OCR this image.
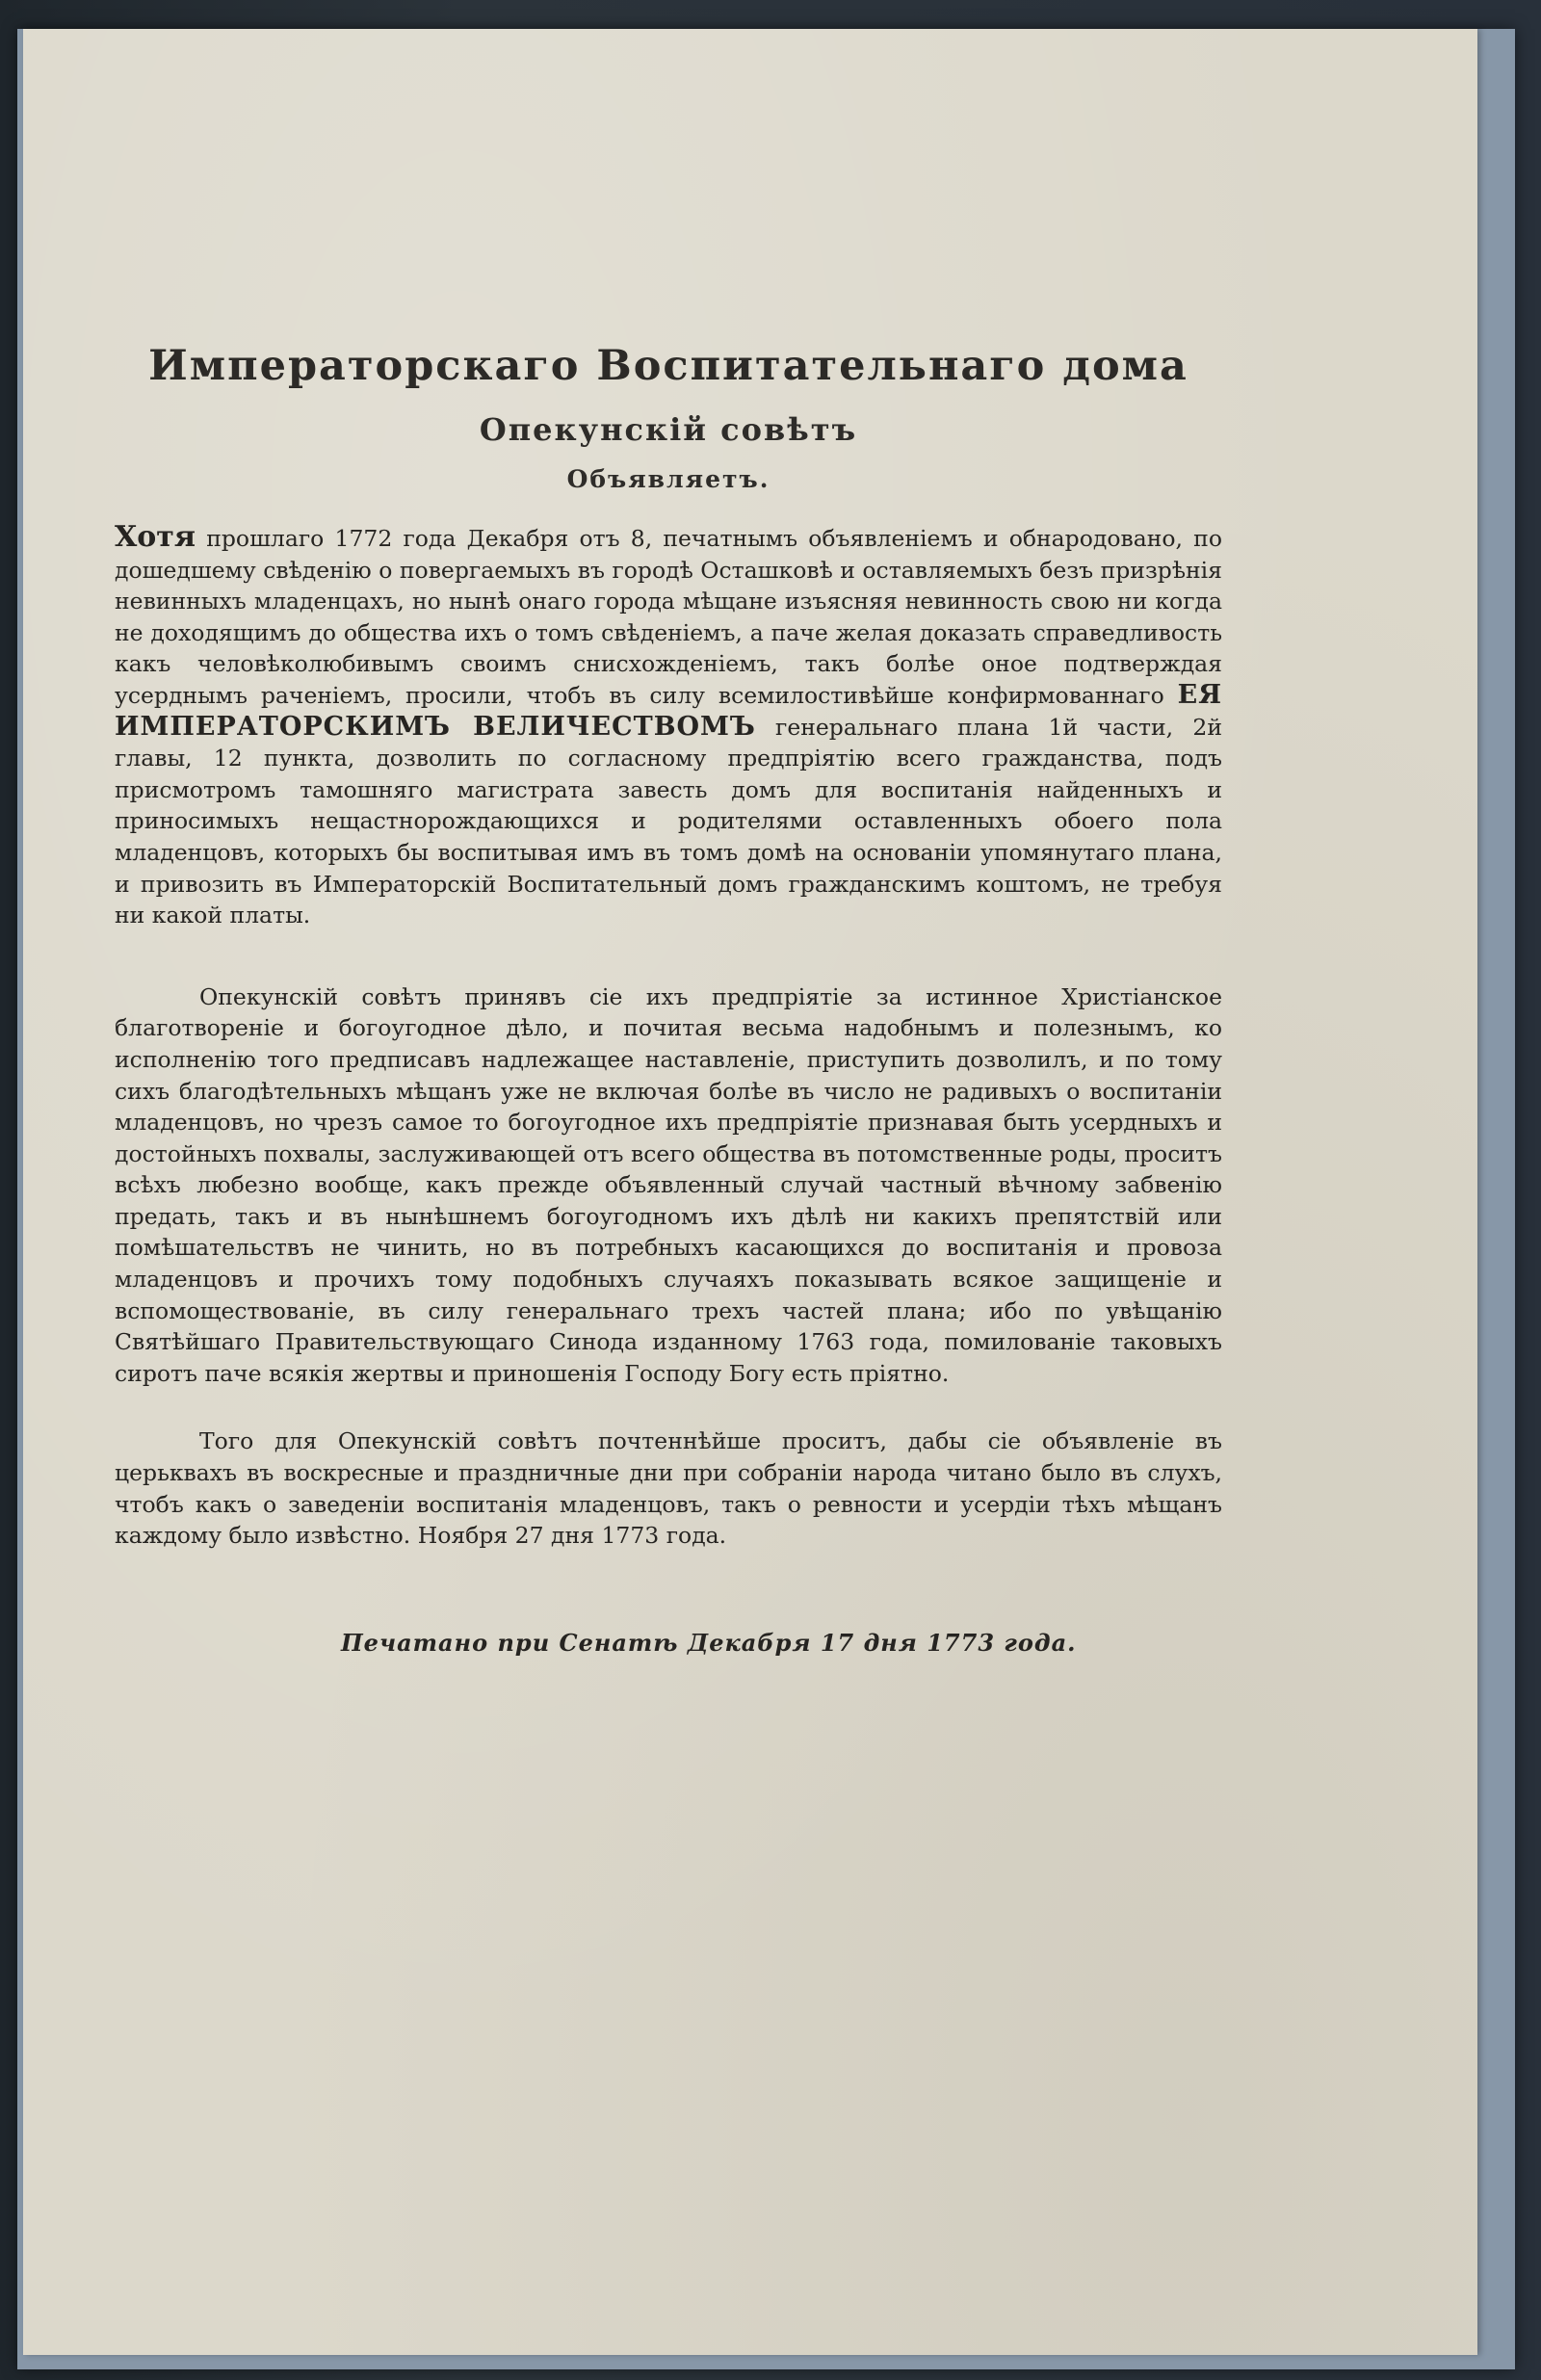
Императорскаго Воспитательнаго дома
Опекунскій совѣтъ
Объявляетъ.

Хотя прошлаго 1772 года Декабря отъ 8, печатнымъ объявленіемъ и обнародовано, по дошедшему свѣденію о повергаемыхъ въ городѣ Осташковѣ и оставляемыхъ безъ призрѣнія невинныхъ младенцахъ, но нынѣ онаго города мѣщане изъясняя невинность свою ни когда не доходящимъ до общества ихъ о томъ свѣденіемъ, а паче желая доказать справедливость какъ человѣколюбивымъ своимъ снисхожденіемъ, такъ болѣе оное подтверждая усерднымъ раченіемъ, просили, чтобъ въ силу всемилостивѣйше конфирмованнаго ЕЯ ИМПЕРАТОРСКИМЪ ВЕЛИЧЕСТВОМЪ генеральнаго плана 1й части, 2й главы, 12 пункта, дозволить по согласному предпріятію всего гражданства, подъ присмотромъ тамошняго магистрата завесть домъ для воспитанія найденныхъ и приносимыхъ нещастнорождающихся и родителями оставленныхъ обоего пола младенцовъ, которыхъ бы воспитывая имъ въ томъ домѣ на основаніи упомянутаго плана, и привозить въ Императорскій Воспитательный домъ гражданскимъ коштомъ, не требуя ни какой платы.

Опекунскій совѣтъ принявъ сіе ихъ предпріятіе за истинное Христіанское благотвореніе и богоугодное дѣло, и почитая весьма надобнымъ и полезнымъ, ко исполненію того предписавъ надлежащее наставленіе, приступить дозволилъ, и по тому сихъ благодѣтельныхъ мѣщанъ уже не включая болѣе въ число не радивыхъ о воспитаніи младенцовъ, но чрезъ самое то богоугодное ихъ предпріятіе признавая быть усердныхъ и достойныхъ похвалы, заслуживающей отъ всего общества въ потомственные роды, проситъ всѣхъ любезно вообще, какъ прежде объявленный случай частный вѣчному забвенію предать, такъ и въ нынѣшнемъ богоугодномъ ихъ дѣлѣ ни какихъ препятствій или помѣшательствъ не чинить, но въ потребныхъ касающихся до воспитанія и провоза младенцовъ и прочихъ тому подобныхъ случаяхъ показывать всякое защищеніе и вспомоществованіе, въ силу генеральнаго трехъ частей плана; ибо по увѣщанію Святѣйшаго Правительствующаго Синода изданному 1763 года, помилованіе таковыхъ сиротъ паче всякія жертвы и приношенія Господу Богу есть пріятно.

Того для Опекунскій совѣтъ почтеннѣйше проситъ, дабы сіе объявленіе въ церьквахъ въ воскресные и праздничные дни при собраніи народа читано было въ слухъ, чтобъ какъ о заведеніи воспитанія младенцовъ, такъ о ревности и усердіи тѣхъ мѣщанъ каждому было извѣстно. Ноября 27 дня 1773 года.

Печатано при Сенатѣ Декабря 17 дня 1773 года.
